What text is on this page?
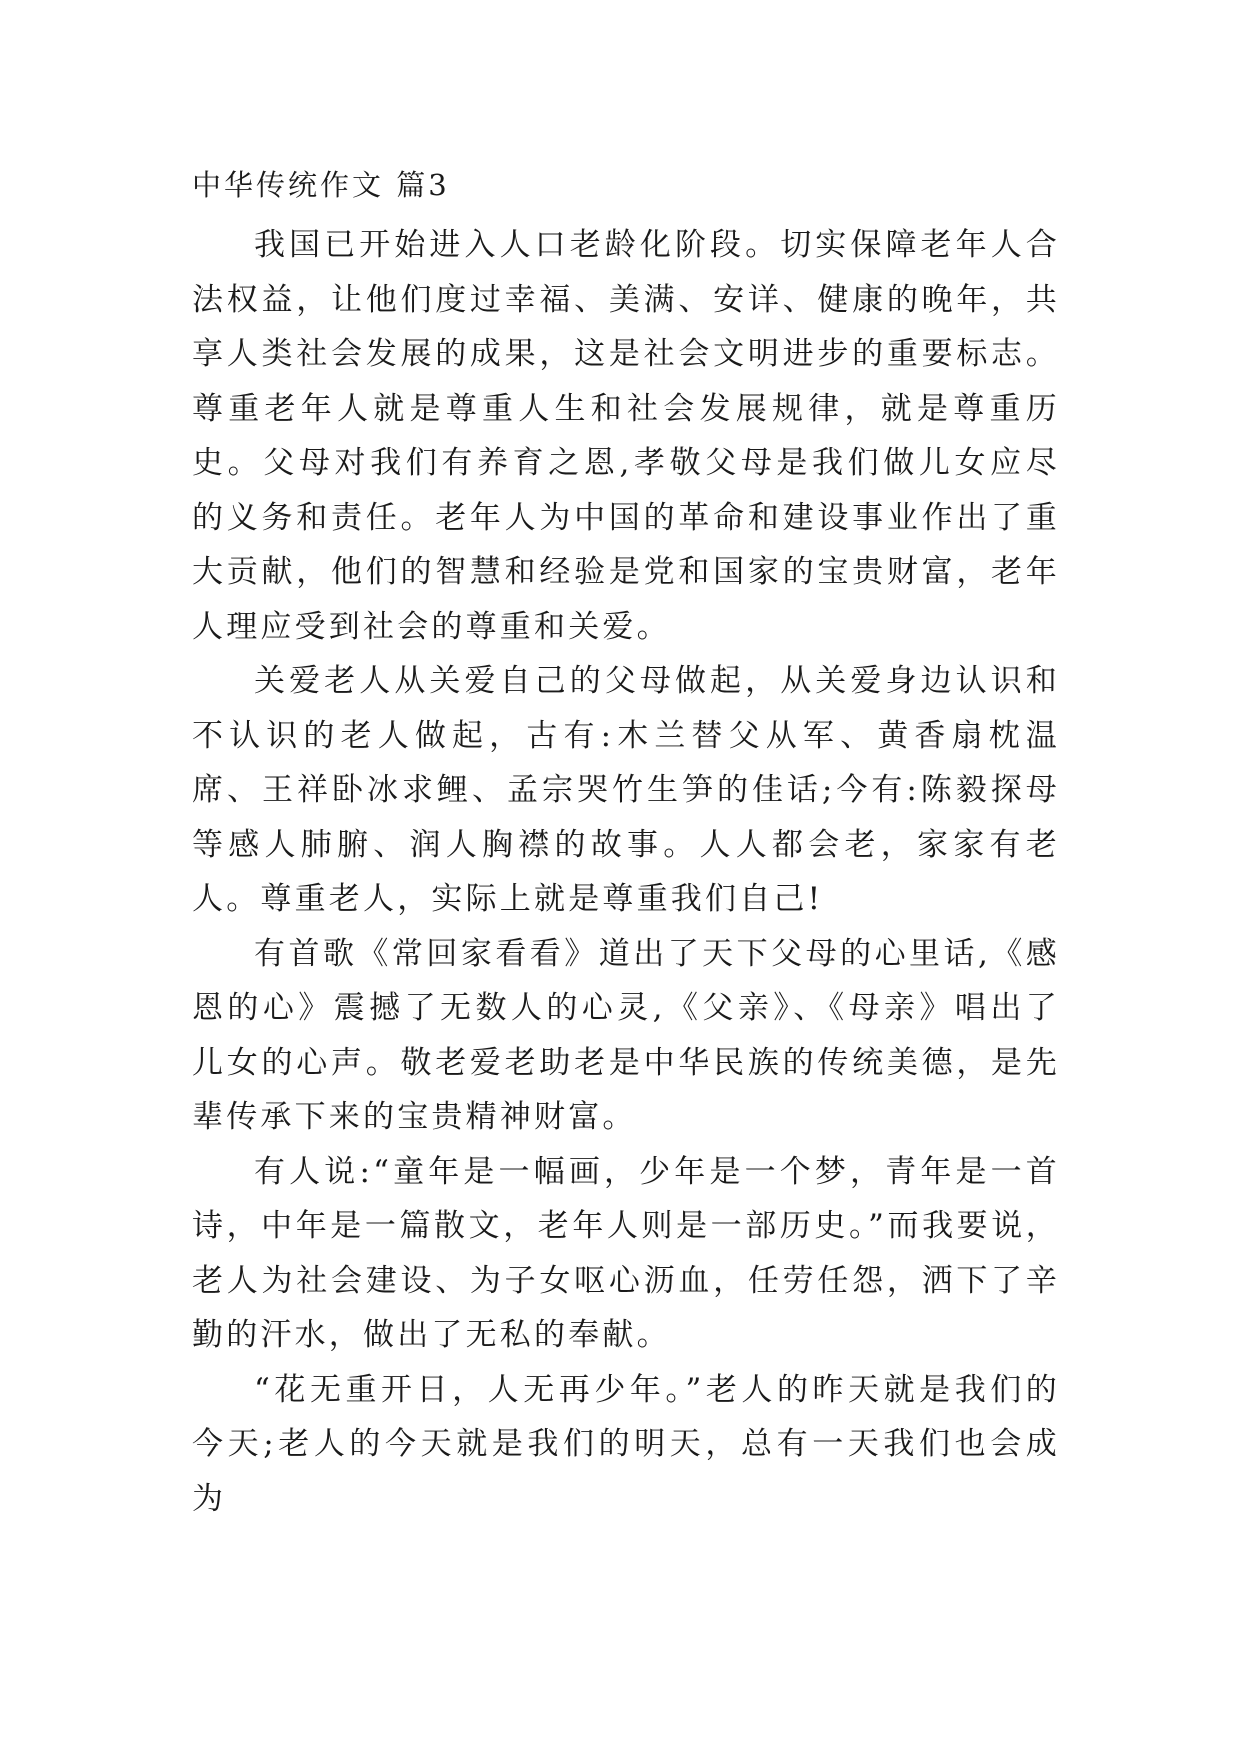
中华传统作文 篇3

我国已开始进入人口老龄化阶段。切实保障老年人合法权益，让他们度过幸福、美满、安详、健康的晚年，共享人类社会发展的成果，这是社会文明进步的重要标志。尊重老年人就是尊重人生和社会发展规律，就是尊重历史。父母对我们有养育之恩,孝敬父母是我们做儿女应尽的义务和责任。老年人为中国的革命和建设事业作出了重大贡献，他们的智慧和经验是党和国家的宝贵财富，老年人理应受到社会的尊重和关爱。

关爱老人从关爱自己的父母做起，从关爱身边认识和不认识的老人做起，古有:木兰替父从军、黄香扇枕温席、王祥卧冰求鲤、孟宗哭竹生笋的佳话;今有:陈毅探母等感人肺腑、润人胸襟的故事。人人都会老，家家有老人。尊重老人，实际上就是尊重我们自己!

有首歌《常回家看看》道出了天下父母的心里话,《感恩的心》震撼了无数人的心灵,《父亲》、《母亲》唱出了儿女的心声。敬老爱老助老是中华民族的传统美德，是先辈传承下来的宝贵精神财富。

有人说:“童年是一幅画，少年是一个梦，青年是一首诗，中年是一篇散文，老年人则是一部历史。”而我要说，老人为社会建设、为子女呕心沥血，任劳任怨，洒下了辛勤的汗水，做出了无私的奉献。

“花无重开日，人无再少年。”老人的昨天就是我们的今天;老人的今天就是我们的明天，总有一天我们也会成为
